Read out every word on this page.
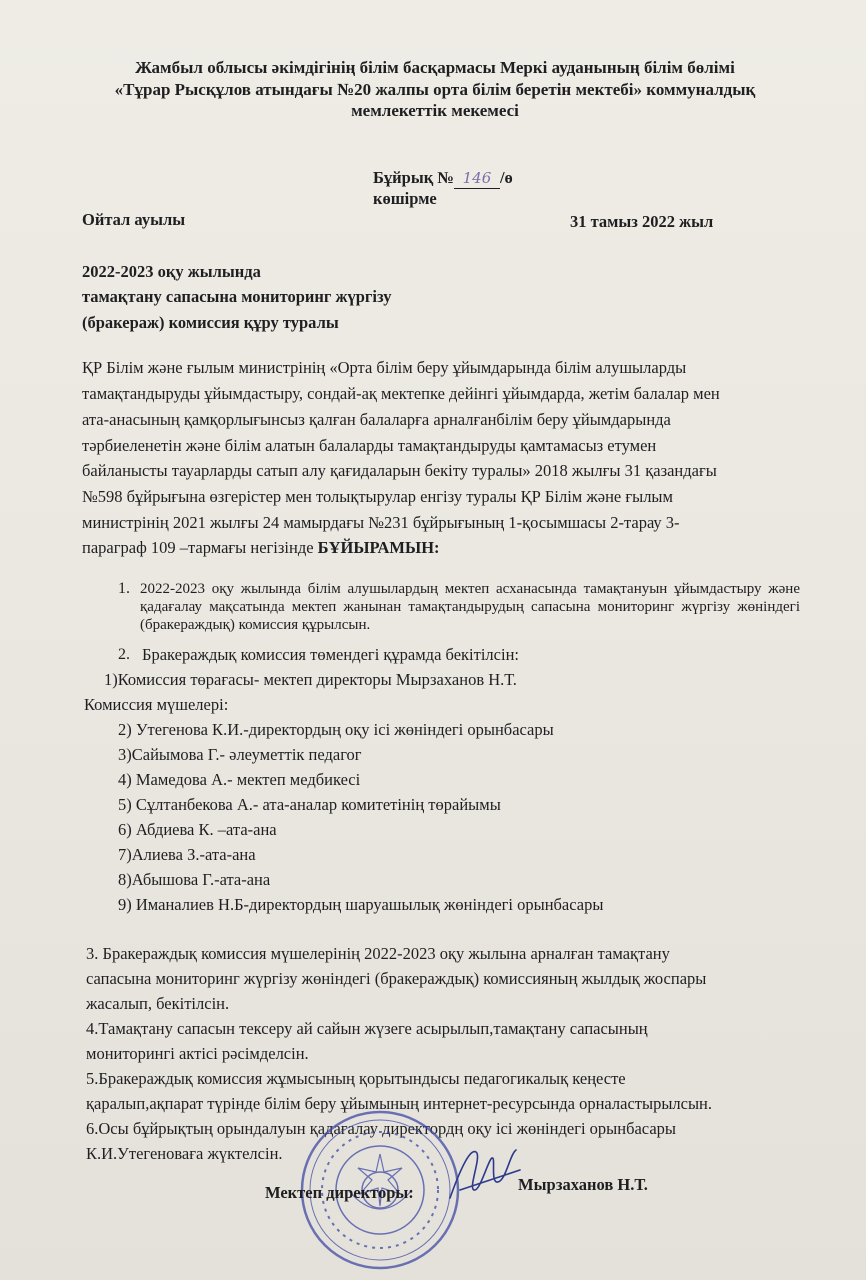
Жамбыл облысы әкімдігінің білім басқармасы Меркі ауданының білім бөлімі
«Тұрар Рысқұлов атындағы №20 жалпы орта білім беретін мектебі» коммуналдық
мемлекеттік мекемесі
Бұйрық № 146 /ө
көшірме
Ойтал ауылы	31 тамыз 2022 жыл
2022-2023 оқу жылында
тамақтану сапасына мониторинг жүргізу
(бракераж) комиссия құру туралы
ҚР Білім және ғылым министрінің «Орта білім беру ұйымдарында білім алушыларды
тамақтандыруды ұйымдастыру, сондай-ақ мектепке дейінгі ұйымдарда, жетім балалар мен
ата-анасының қамқорлығынсыз қалған балаларға арналғанбілім беру ұйымдарында
тәрбиеленетін және білім алатын балаларды тамақтандыруды қамтамасыз етумен
байланысты тауарларды сатып алу қағидаларын бекіту туралы» 2018 жылғы 31 қазандағы
№598 бұйрығына өзгерістер мен толықтырулар енгізу туралы ҚР Білім және ғылым
министрінің 2021 жылғы 24 мамырдағы №231 бұйрығының 1-қосымшасы 2-тарау 3-
параграф 109 –тармағы негізінде БҰЙЫРАМЫН:
1. 2022-2023 оқу жылында білім алушылардың мектеп асханасында тамақтануын ұйымдастыру және қадағалау мақсатында мектеп жанынан тамақтандырудың сапасына мониторинг жүргізу жөніндегі (бракераждық) комиссия құрылсын.
2. Бракераждық комиссия төмендегі құрамда бекітілсін:
1)Комиссия төрағасы- мектеп директоры Мырзаханов Н.Т.
Комиссия мүшелері:
2) Утегенова К.И.-директордың оқу ісі жөніндегі орынбасары
3)Сайымова Г.- әлеуметтік педагог
4) Мамедова А.- мектеп медбикесі
5) Сұлтанбекова А.- ата-аналар комитетінің төрайымы
6) Абдиева К. –ата-ана
7)Алиева З.-ата-ана
8)Абышова Г.-ата-ана
9) Иманалиев Н.Б-директордың шаруашылық жөніндегі орынбасары
3. Бракераждық комиссия мүшелерінің 2022-2023 оқу жылына арналған тамақтану
сапасына мониторинг жүргізу жөніндегі (бракераждық) комиссияның жылдық жоспары
жасалып, бекітілсін.
4.Тамақтану сапасын тексеру ай сайын жүзеге асырылып,тамақтану сапасының
мониторингі актісі рәсімделсін.
5.Бракераждық комиссия жұмысының қорытындысы педагогикалық кеңесте
қаралып,ақпарат түрінде білім беру ұйымының интернет-ресурсында орналастырылсын.
6.Осы бұйрықтың орындалуын қадағалау директордң оқу ісі жөніндегі орынбасары
К.И.Утегеноваға жүктелсін.
Мектеп директоры:	Мырзаханов Н.Т.
